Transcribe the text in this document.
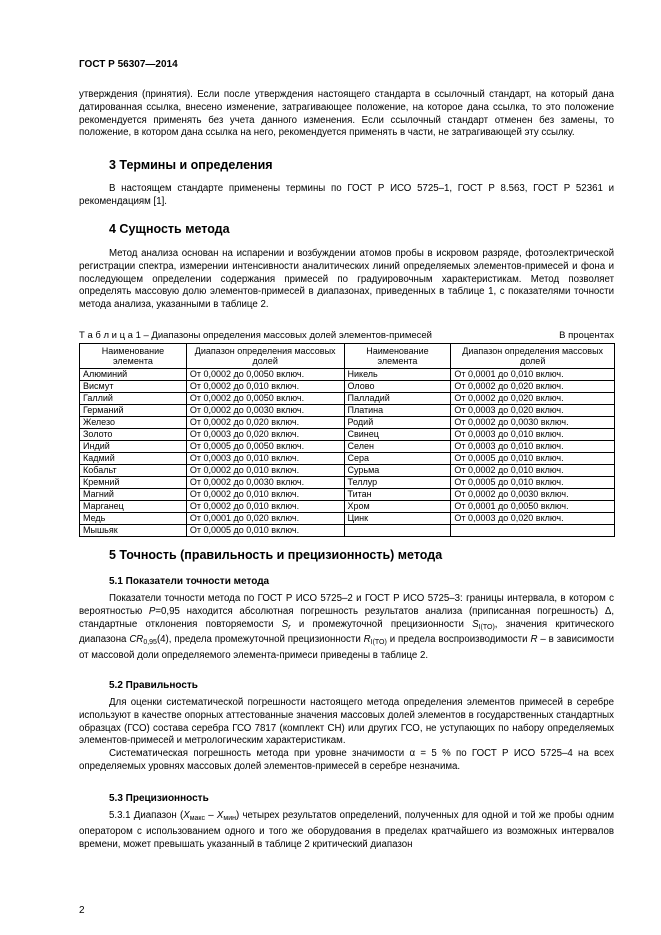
ГОСТ Р 56307—2014
утверждения (принятия). Если после утверждения настоящего стандарта в ссылочный стандарт, на который дана датированная ссылка, внесено изменение, затрагивающее положение, на которое дана ссылка, то это положение рекомендуется применять без учета данного изменения. Если ссылочный стандарт отменен без замены, то положение, в котором дана ссылка на него, рекомендуется применять в части, не затрагивающей эту ссылку.
3 Термины и определения
В настоящем стандарте применены термины по ГОСТ Р ИСО 5725–1, ГОСТ Р 8.563, ГОСТ Р 52361 и рекомендациям [1].
4 Сущность метода
Метод анализа основан на испарении и возбуждении атомов пробы в искровом разряде, фотоэлектрической регистрации спектра, измерении интенсивности аналитических линий определяемых элементов-примесей и фона и последующем определении содержания примесей по градуировочным характеристикам. Метод позволяет определять массовую долю элементов-примесей в диапазонах, приведенных в таблице 1, с показателями точности метода анализа, указанными в таблице 2.
Т а б л и ц а 1 – Диапазоны определения массовых долей элементов-примесей	В процентах
Наименование элемента	Диапазон определения массовых долей	Наименование элемента	Диапазон определения массовых долей
Алюминий	От 0,0002 до 0,0050 включ.	Никель	От 0,0001 до 0,010 включ.
Висмут	От 0,0002 до 0,010 включ.	Олово	От 0,0002 до 0,020 включ.
Галлий	От 0,0002 до 0,0050 включ.	Палладий	От 0,0002 до 0,020 включ.
Германий	От 0,0002 до 0,0030 включ.	Платина	От 0,0003 до 0,020 включ.
Железо	От 0,0002 до 0,020 включ.	Родий	От 0,0002 до 0,0030 включ.
Золото	От 0,0003 до 0,020 включ.	Свинец	От 0,0003 до 0,010 включ.
Индий	От 0,0005 до 0,0050 включ.	Селен	От 0,0003 до 0,010 включ.
Кадмий	От 0,0003 до 0,010 включ.	Сера	От 0,0005 до 0,010 включ.
Кобальт	От 0,0002 до 0,010 включ.	Сурьма	От 0,0002 до 0,010 включ.
Кремний	От 0,0002 до 0,0030 включ.	Теллур	От 0,0005 до 0,010 включ.
Магний	От 0,0002 до 0,010 включ.	Титан	От 0,0002 до 0,0030 включ.
Марганец	От 0,0002 до 0,010 включ.	Хром	От 0,0001 до 0,0050 включ.
Медь	От 0,0001 до 0,020 включ.	Цинк	От 0,0003 до 0,020 включ.
Мышьяк	От 0,0005 до 0,010 включ.		
5 Точность (правильность и прецизионность) метода
5.1 Показатели точности метода
Показатели точности метода по ГОСТ Р ИСО 5725–2 и ГОСТ Р ИСО 5725–3: границы интервала, в котором с вероятностью P=0,95 находится абсолютная погрешность результатов анализа (приписанная погрешность) Δ, стандартные отклонения повторяемости $S_r$ и промежуточной прецизионности $S_{I(TO)}$, значения критического диапазона $CR_{0,95}(4)$, предела промежуточной прецизионности $R_{I(TO)}$ и предела воспроизводимости R – в зависимости от массовой доли определяемого элемента-примеси приведены в таблице 2.
5.2 Правильность
Для оценки систематической погрешности настоящего метода определения элементов примесей в серебре используют в качестве опорных аттестованные значения массовых долей элементов в государственных стандартных образцах (ГСО) состава серебра ГСО 7817 (комплект СН) или других ГСО, не уступающих по набору определяемых элементов-примесей и метрологическим характеристикам.
Систематическая погрешность метода при уровне значимости α = 5 % по ГОСТ Р ИСО 5725–4 на всех определяемых уровнях массовых долей элементов-примесей в серебре незначима.
5.3 Прецизионность
5.3.1 Диапазон $(X_{макс} - X_{мин})$ четырех результатов определений, полученных для одной и той же пробы одним оператором с использованием одного и того же оборудования в пределах кратчайшего из возможных интервалов времени, может превышать указанный в таблице 2 критический диапазон
2
